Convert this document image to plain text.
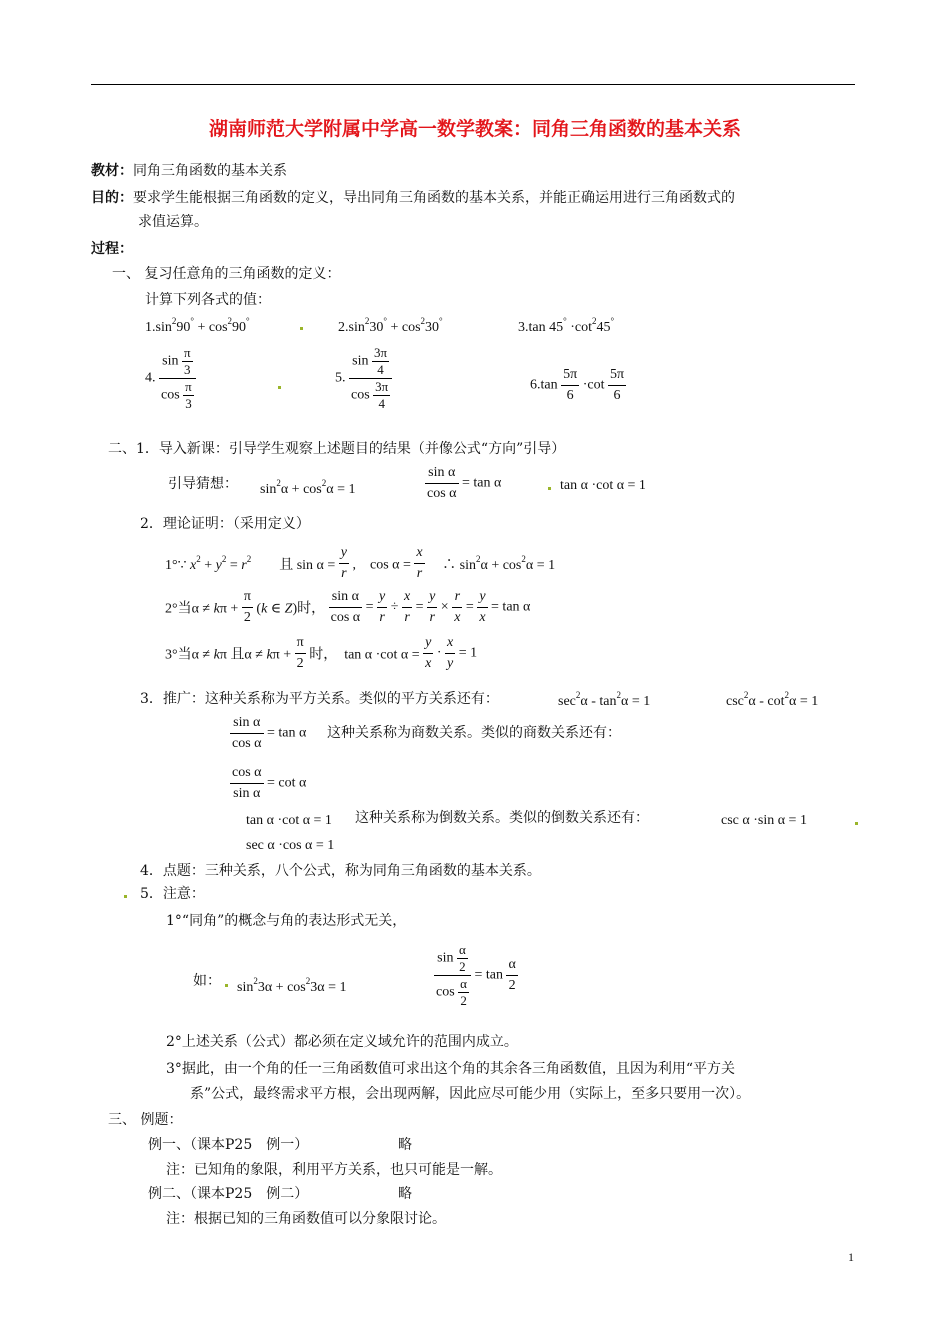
湖南师范大学附属中学高一数学教案：同角三角函数的基本关系
教材：同角三角函数的基本关系
目的：要求学生能根据三角函数的定义，导出同角三角函数的基本关系，并能正确运用进行三角函数式的
求值运算。
过程：
一、 复习任意角的三角函数的定义：
计算下列各式的值：
$1.\sin^290^\circ + \cos^290^\circ$	$2.\sin^230^\circ + \cos^230^\circ$	3.tan $45^\circ \cdot\cot^245^\circ$
4. $\frac{\sin \frac{\pi}{3}}{\cos \frac{\pi}{3}}$	5. $\frac{\sin \frac{3\pi}{4}}{\cos \frac{3\pi}{4}}$	$6.\tan \frac{5\pi}{6} \cdot\cot \frac{5\pi}{6}$
二、1．导入新课：引导学生观察上述题目的结果（并像公式“方向”引导）
引导猜想： $\sin^2\alpha + \cos^2\alpha = 1$	$\frac{\text{sin α}}{\text{cos α}} = \tan \alpha$	tan α ·cot α = 1
2．理论证明：（采用定义）
1°∵ $x^2 + y^2 = r^2$　　且 $\sin \alpha = \frac{y}{r}$ ,　$\cos \alpha = \frac{x}{r}$ 　∴ $\sin^2\alpha + \cos^2\alpha = 1$
2°当$\alpha \ne k\pi + \frac{\pi}{2} (k$ ∈ Z)时， $\frac{\text{sin α}}{\text{cos α}} = \frac{y}{r} \div \frac{x}{r} = \frac{y}{r} \times \frac{r}{x} = \frac{y}{x} = \tan \alpha$
3°当α ≠ kπ 且$\alpha \ne k\pi + \frac{\pi}{2}$ 时，　tan α ·cot $\alpha = \frac{y}{x} \cdot \frac{x}{y} = 1$
3．推广：这种关系称为平方关系。类似的平方关系还有：	$\sec^2\alpha - \tan^2\alpha = 1$	$\csc^2\alpha - \cot^2\alpha = 1$
$\frac{\text{sin α}}{\text{cos α}} = \tan \alpha$ 这种关系称为商数关系。类似的商数关系还有：
$\frac{\text{cos α}}{\text{sin α}} = \cot \alpha$
tan α ·cot α = 1 这种关系称为倒数关系。类似的倒数关系还有：	csc α ·sin α = 1
sec α ·cos α = 1
4．点题：三种关系，八个公式，称为同角三角函数的基本关系。
5．注意：
1°“同角”的概念与角的表达形式无关，
如： $\sin^23\alpha + \cos^23\alpha = 1$	$\frac{\sin \frac{\alpha}{2}}{\cos \frac{\alpha}{2}} = \tan \frac{\alpha}{2}$
2°上述关系（公式）都必须在定义域允许的范围内成立。
3°据此，由一个角的任一三角函数值可求出这个角的其余各三角函数值，且因为利用“平方关
系”公式，最终需求平方根，会出现两解，因此应尽可能少用（实际上，至多只要用一次）。
三、 例题：
例一、（课本P25　例一）	略
注：已知角的象限，利用平方关系，也只可能是一解。
例二、（课本P25　例二）	略
注：根据已知的三角函数值可以分象限讨论。
1
